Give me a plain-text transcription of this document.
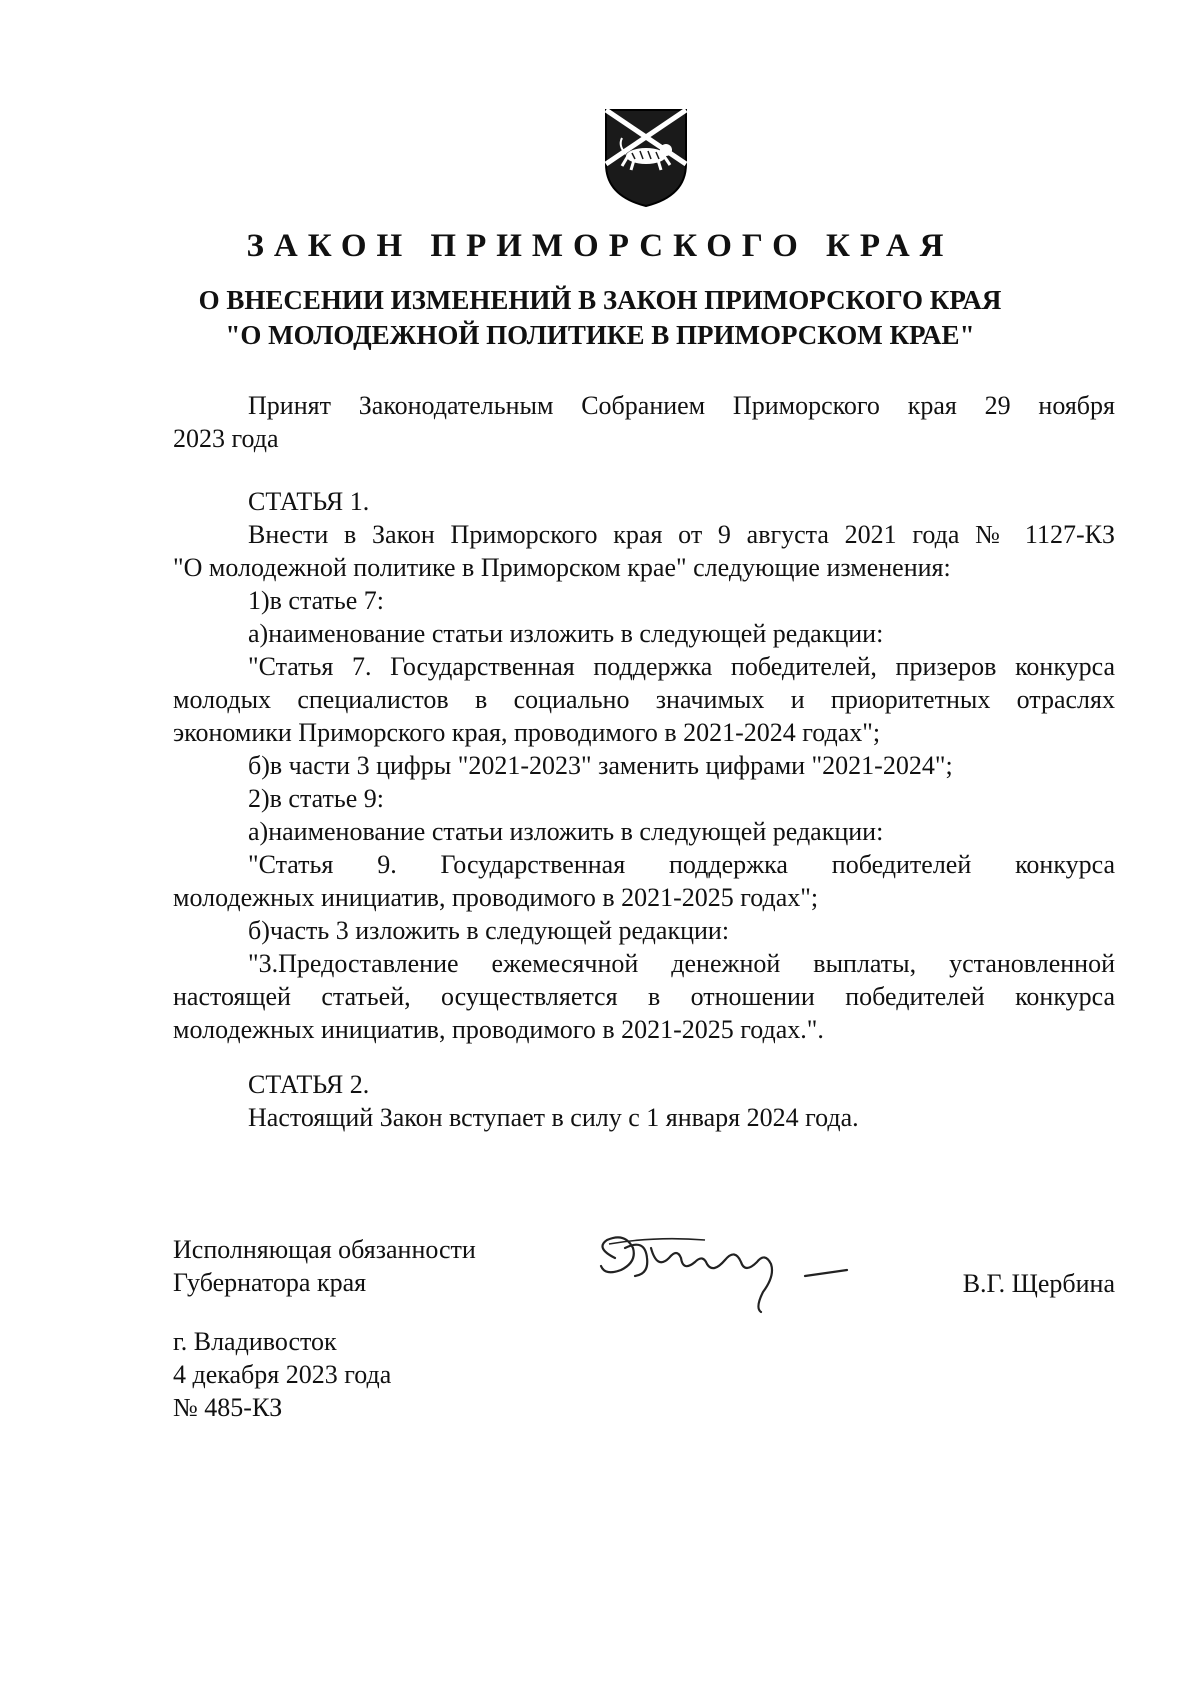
ЗАКОН ПРИМОРСКОГО КРАЯ
О ВНЕСЕНИИ ИЗМЕНЕНИЙ В ЗАКОН ПРИМОРСКОГО КРАЯ
"О МОЛОДЕЖНОЙ ПОЛИТИКЕ В ПРИМОРСКОМ КРАЕ"
Принят Законодательным Собранием Приморского края 29 ноября
2023 года
СТАТЬЯ 1.
Внести в Закон Приморского края от 9 августа 2021 года № 1127-КЗ
"О молодежной политике в Приморском крае" следующие изменения:
1)в статье 7:
а)наименование статьи изложить в следующей редакции:
"Статья 7. Государственная поддержка победителей, призеров конкурса
молодых специалистов в социально значимых и приоритетных отраслях
экономики Приморского края, проводимого в 2021-2024 годах";
б)в части 3 цифры "2021-2023" заменить цифрами "2021-2024";
2)в статье 9:
а)наименование статьи изложить в следующей редакции:
"Статья 9. Государственная поддержка победителей конкурса
молодежных инициатив, проводимого в 2021-2025 годах";
б)часть 3 изложить в следующей редакции:
"3.Предоставление ежемесячной денежной выплаты, установленной
настоящей статьей, осуществляется в отношении победителей конкурса
молодежных инициатив, проводимого в 2021-2025 годах.".
СТАТЬЯ 2.
Настоящий Закон вступает в силу с 1 января 2024 года.
Исполняющая обязанности
Губернатора края	В.Г. Щербина
г. Владивосток
4 декабря 2023 года
№ 485-КЗ
